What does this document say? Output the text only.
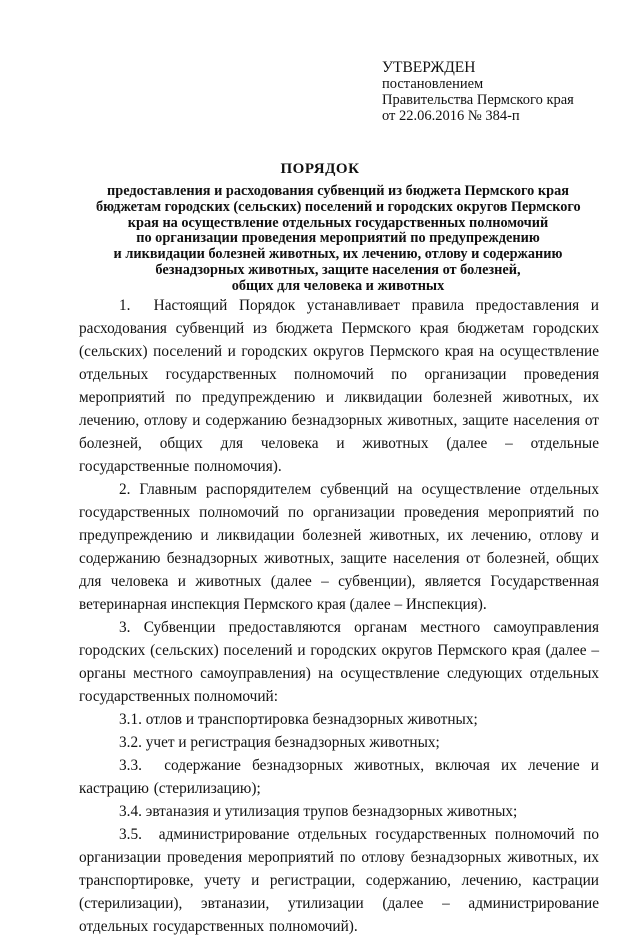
УТВЕРЖДЕН
постановлением
Правительства Пермского края
от 22.06.2016 № 384-п
ПОРЯДОК
предоставления и расходования субвенций из бюджета Пермского края
бюджетам городских (сельских) поселений и городских округов Пермского
края на осуществление отдельных государственных полномочий
по организации проведения мероприятий по предупреждению
и ликвидации болезней животных, их лечению, отлову и содержанию
безнадзорных животных, защите населения от болезней,
общих для человека и животных

1.  Настоящий Порядок устанавливает правила предоставления и расходования субвенций из бюджета Пермского края бюджетам городских (сельских) поселений и городских округов Пермского края на осуществление отдельных государственных полномочий по организации проведения мероприятий по предупреждению и ликвидации болезней животных, их лечению, отлову и содержанию безнадзорных животных, защите населения от болезней, общих для человека и животных (далее – отдельные государственные полномочия).

2. Главным распорядителем субвенций на осуществление отдельных государственных полномочий по организации проведения мероприятий по предупреждению и ликвидации болезней животных, их лечению, отлову и содержанию безнадзорных животных, защите населения от болезней, общих для человека и животных (далее – субвенции), является Государственная ветеринарная инспекция Пермского края (далее – Инспекция).

3. Субвенции предоставляются органам местного самоуправления городских (сельских) поселений и городских округов Пермского края (далее – органы местного самоуправления) на осуществление следующих отдельных государственных полномочий:

3.1. отлов и транспортировка безнадзорных животных;

3.2. учет и регистрация безнадзорных животных;

3.3.  содержание безнадзорных животных, включая их лечение и кастрацию (стерилизацию);

3.4. эвтаназия и утилизация трупов безнадзорных животных;

3.5.  администрирование отдельных государственных полномочий по организации проведения мероприятий по отлову безнадзорных животных, их транспортировке, учету и регистрации, содержанию, лечению, кастрации (стерилизации), эвтаназии, утилизации (далее – администрирование отдельных государственных полномочий).
